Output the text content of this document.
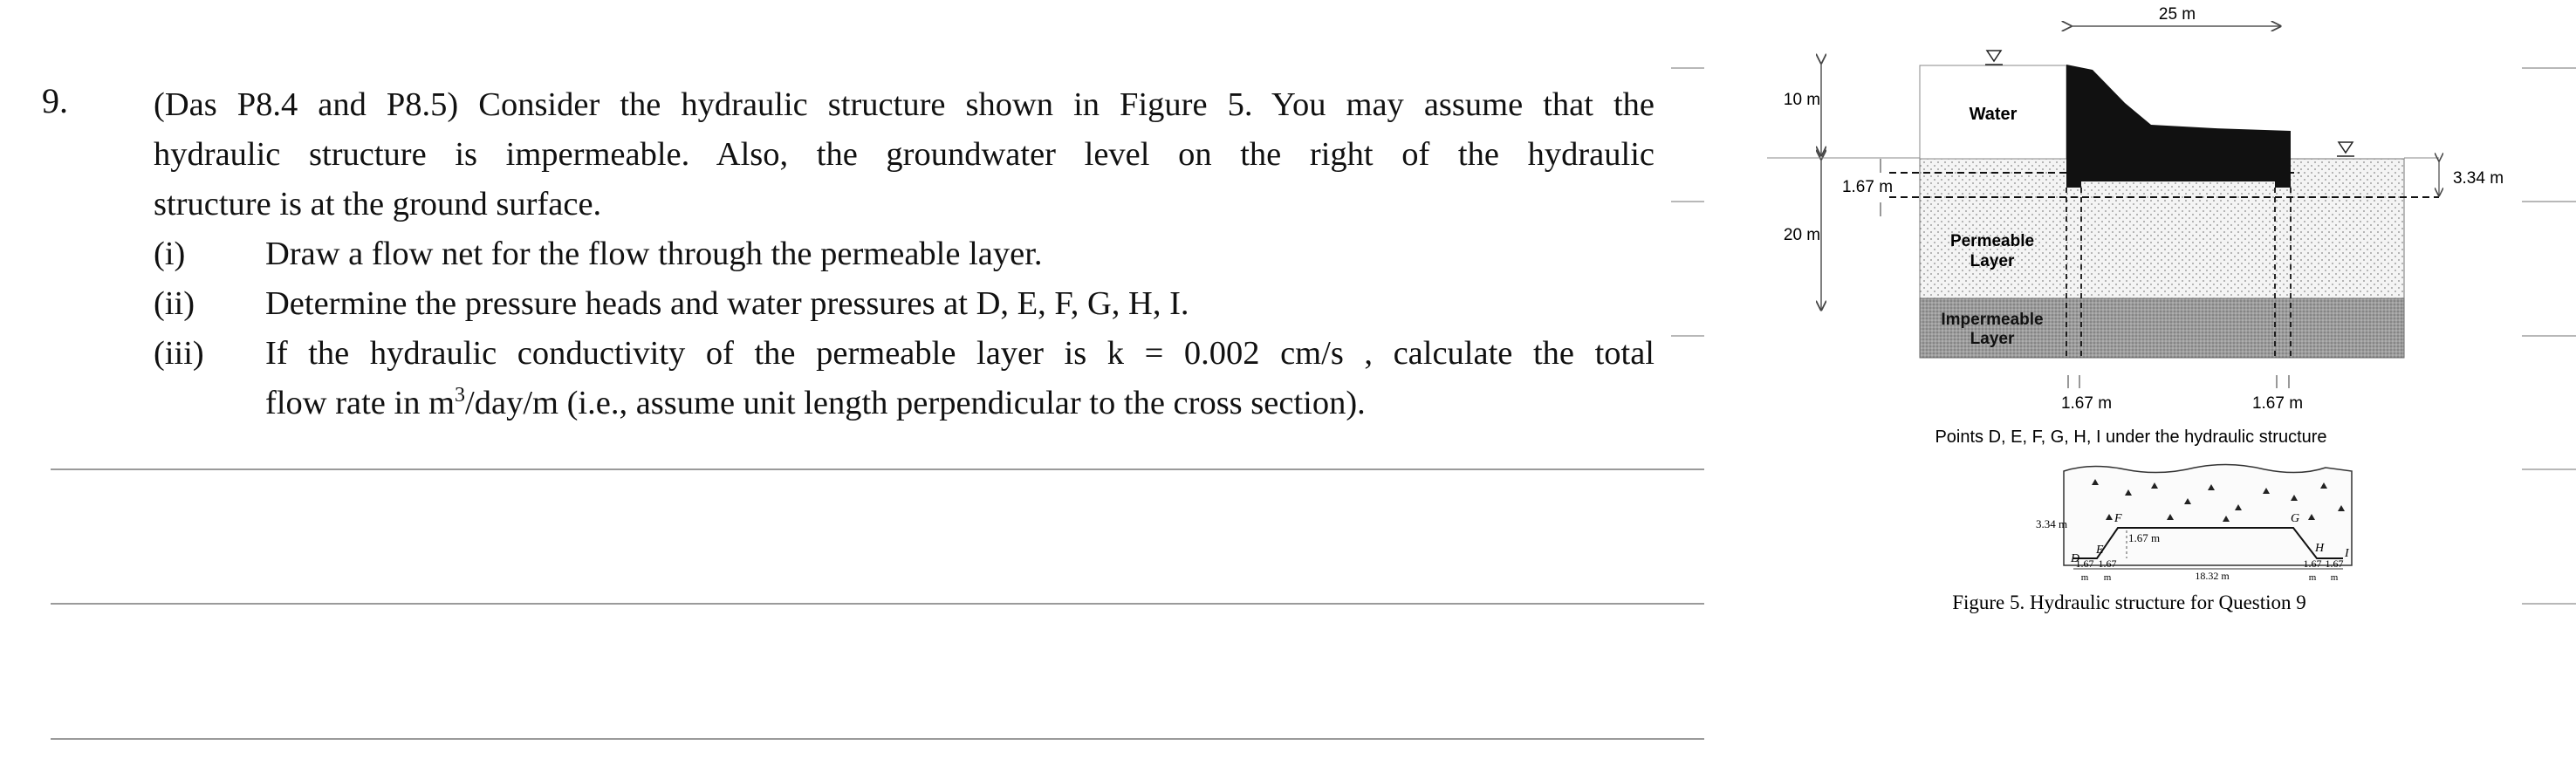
9.	(Das P8.4 and P8.5) Consider the hydraulic structure shown in Figure 5. You may assume that the
hydraulic structure is impermeable. Also, the groundwater level on the right of the hydraulic
structure is at the ground surface.
(i) Draw a flow net for the flow through the permeable layer.
(ii) Determine the pressure heads and water pressures at D, E, F, G, H, I.
(iii) If the hydraulic conductivity of the permeable layer is k = 0.002 cm/s , calculate the total
flow rate in $m^3/day/m$ (i.e., assume unit length perpendicular to the cross section).
25 m
10 m
20 m
1.67 m	3.34 m
Water
Permeable
Layer
Impermeable
Layer
1.67 m	1.67 m
Points D, E, F, G, H, I under the hydraulic structure
3.34 m
1.67 m
D
E
F	G
H I
1.67 1.67
m m	18.32 m
1.67 1.67
m m
Figure 5. Hydraulic structure for Question 9
